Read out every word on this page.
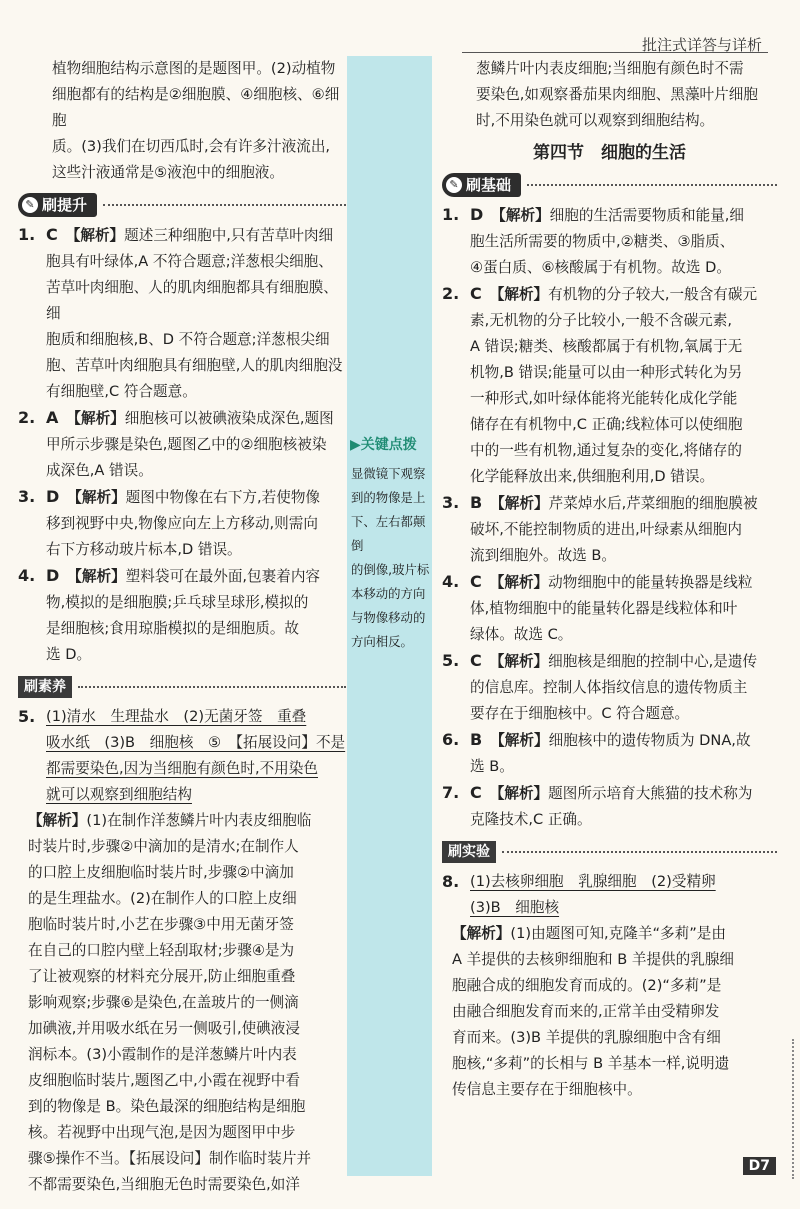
批注式详答与详析
▶关键点拨
显微镜下观察
到的物像是上
下、左右都颠倒
的倒像,玻片标
本移动的方向
与物像移动的
方向相反。
植物细胞结构示意图的是题图甲。(2)动植物
细胞都有的结构是②细胞膜、④细胞核、⑥细胞
质。(3)我们在切西瓜时,会有许多汁液流出,
这些汁液通常是⑤液泡中的细胞液。
✎ 刷提升
1. C 【解析】题述三种细胞中,只有苦草叶肉细
胞具有叶绿体,A 不符合题意;洋葱根尖细胞、
苦草叶肉细胞、人的肌肉细胞都具有细胞膜、细
胞质和细胞核,B、D 不符合题意;洋葱根尖细
胞、苦草叶肉细胞具有细胞壁,人的肌肉细胞没
有细胞壁,C 符合题意。
2. A 【解析】细胞核可以被碘液染成深色,题图
甲所示步骤是染色,题图乙中的②细胞核被染
成深色,A 错误。
3. D 【解析】题图中物像在右下方,若使物像
移到视野中央,物像应向左上方移动,则需向
右下方移动玻片标本,D 错误。
4. D 【解析】塑料袋可在最外面,包裹着内容
物,模拟的是细胞膜;乒乓球呈球形,模拟的
是细胞核;食用琼脂模拟的是细胞质。故
选 D。
刷素养
5. (1)清水　生理盐水　(2)无菌牙签　重叠
吸水纸　(3)B　细胞核　⑤　【拓展设问】不是
都需要染色,因为当细胞有颜色时,不用染色
就可以观察到细胞结构
【解析】(1)在制作洋葱鳞片叶内表皮细胞临
时装片时,步骤②中滴加的是清水;在制作人
的口腔上皮细胞临时装片时,步骤②中滴加
的是生理盐水。(2)在制作人的口腔上皮细
胞临时装片时,小艺在步骤③中用无菌牙签
在自己的口腔内壁上轻刮取材;步骤④是为
了让被观察的材料充分展开,防止细胞重叠
影响观察;步骤⑥是染色,在盖玻片的一侧滴
加碘液,并用吸水纸在另一侧吸引,使碘液浸
润标本。(3)小霞制作的是洋葱鳞片叶内表
皮细胞临时装片,题图乙中,小霞在视野中看
到的物像是 B。染色最深的细胞结构是细胞
核。若视野中出现气泡,是因为题图甲中步
骤⑤操作不当。【拓展设问】制作临时装片并
不都需要染色,当细胞无色时需要染色,如洋
葱鳞片叶内表皮细胞;当细胞有颜色时不需
要染色,如观察番茄果肉细胞、黑藻叶片细胞
时,不用染色就可以观察到细胞结构。
第四节　细胞的生活
✎ 刷基础
1. D 【解析】细胞的生活需要物质和能量,细
胞生活所需要的物质中,②糖类、③脂质、
④蛋白质、⑥核酸属于有机物。故选 D。
2. C 【解析】有机物的分子较大,一般含有碳元
素,无机物的分子比较小,一般不含碳元素,
A 错误;糖类、核酸都属于有机物,氧属于无
机物,B 错误;能量可以由一种形式转化为另
一种形式,如叶绿体能将光能转化成化学能
储存在有机物中,C 正确;线粒体可以使细胞
中的一些有机物,通过复杂的变化,将储存的
化学能释放出来,供细胞利用,D 错误。
3. B 【解析】芹菜焯水后,芹菜细胞的细胞膜被
破坏,不能控制物质的进出,叶绿素从细胞内
流到细胞外。故选 B。
4. C 【解析】动物细胞中的能量转换器是线粒
体,植物细胞中的能量转化器是线粒体和叶
绿体。故选 C。
5. C 【解析】细胞核是细胞的控制中心,是遗传
的信息库。控制人体指纹信息的遗传物质主
要存在于细胞核中。C 符合题意。
6. B 【解析】细胞核中的遗传物质为 DNA,故
选 B。
7. C 【解析】题图所示培育大熊猫的技术称为
克隆技术,C 正确。
刷实验
8. (1)去核卵细胞　乳腺细胞　(2)受精卵
(3)B　细胞核
【解析】(1)由题图可知,克隆羊“多莉”是由
A 羊提供的去核卵细胞和 B 羊提供的乳腺细
胞融合成的细胞发育而成的。(2)“多莉”是
由融合细胞发育而来的,正常羊由受精卵发
育而来。(3)B 羊提供的乳腺细胞中含有细
胞核,“多莉”的长相与 B 羊基本一样,说明遗
传信息主要存在于细胞核中。
D7
